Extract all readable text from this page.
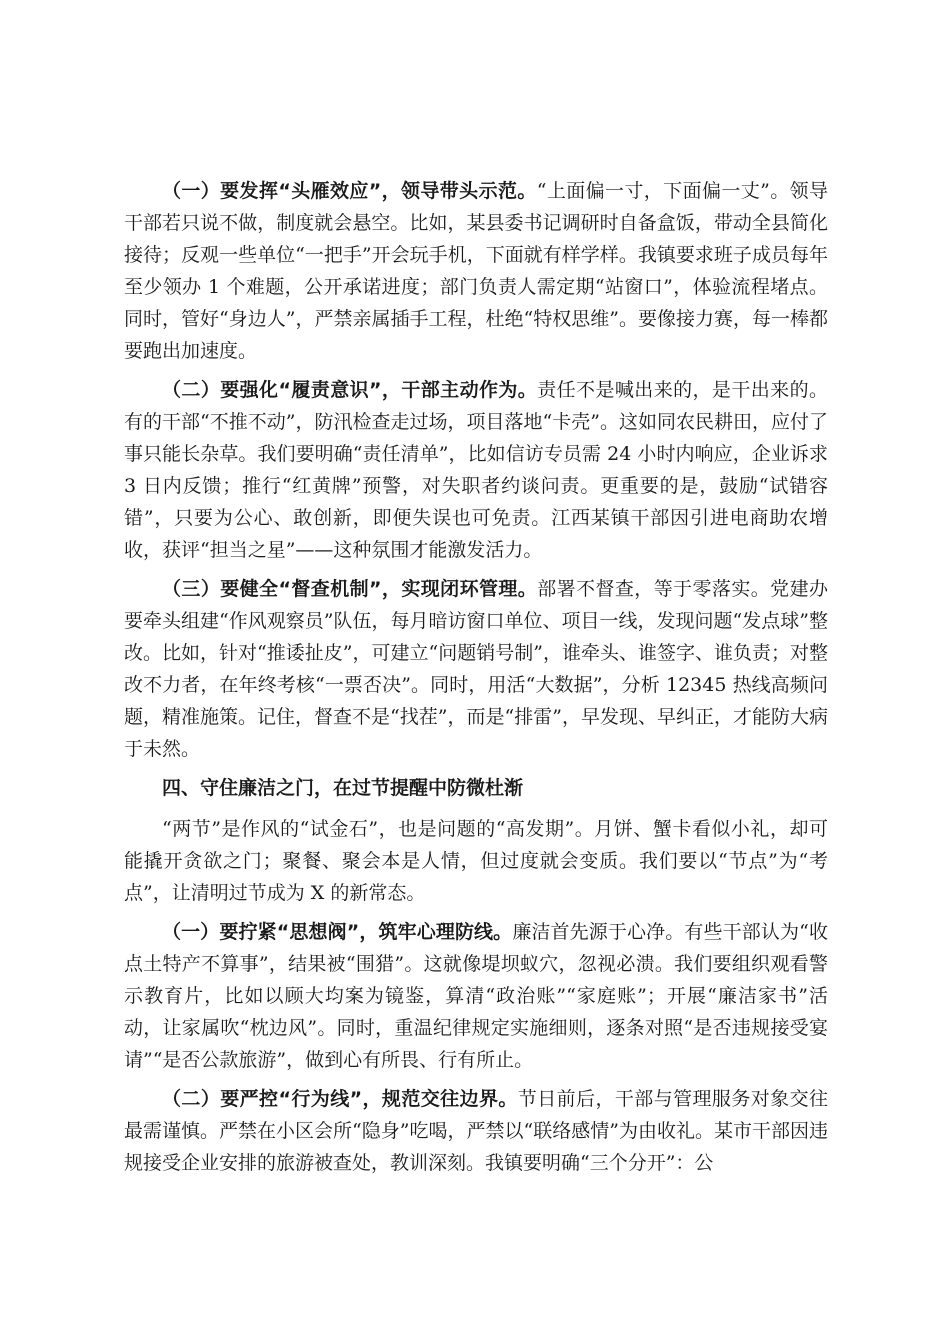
（一）要发挥“头雁效应”，领导带头示范。“上面偏一寸，下面偏一丈”。领导干部若只说不做，制度就会悬空。比如，某县委书记调研时自备盒饭，带动全县简化接待；反观一些单位“一把手”开会玩手机，下面就有样学样。我镇要求班子成员每年至少领办 1 个难题，公开承诺进度；部门负责人需定期“站窗口”，体验流程堵点。同时，管好“身边人”，严禁亲属插手工程，杜绝“特权思维”。要像接力赛，每一棒都要跑出加速度。

（二）要强化“履责意识”，干部主动作为。责任不是喊出来的，是干出来的。有的干部“不推不动”，防汛检查走过场，项目落地“卡壳”。这如同农民耕田，应付了事只能长杂草。我们要明确“责任清单”，比如信访专员需 24 小时内响应，企业诉求 3 日内反馈；推行“红黄牌”预警，对失职者约谈问责。更重要的是，鼓励“试错容错”，只要为公心、敢创新，即便失误也可免责。江西某镇干部因引进电商助农增收，获评“担当之星”——这种氛围才能激发活力。

（三）要健全“督查机制”，实现闭环管理。部署不督查，等于零落实。党建办要牵头组建“作风观察员”队伍，每月暗访窗口单位、项目一线，发现问题“发点球”整改。比如，针对“推诿扯皮”，可建立“问题销号制”，谁牵头、谁签字、谁负责；对整改不力者，在年终考核“一票否决”。同时，用活“大数据”，分析 12345 热线高频问题，精准施策。记住，督查不是“找茬”，而是“排雷”，早发现、早纠正，才能防大病于未然。

四、守住廉洁之门，在过节提醒中防微杜渐

“两节”是作风的“试金石”，也是问题的“高发期”。月饼、蟹卡看似小礼，却可能撬开贪欲之门；聚餐、聚会本是人情，但过度就会变质。我们要以“节点”为“考点”，让清明过节成为 X 的新常态。

（一）要拧紧“思想阀”，筑牢心理防线。廉洁首先源于心净。有些干部认为“收点土特产不算事”，结果被“围猎”。这就像堤坝蚁穴，忽视必溃。我们要组织观看警示教育片，比如以顾大均案为镜鉴，算清“政治账”“家庭账”；开展“廉洁家书”活动，让家属吹“枕边风”。同时，重温纪律规定实施细则，逐条对照“是否违规接受宴请”“是否公款旅游”，做到心有所畏、行有所止。

（二）要严控“行为线”，规范交往边界。节日前后，干部与管理服务对象交往最需谨慎。严禁在小区会所“隐身”吃喝，严禁以“联络感情”为由收礼。某市干部因违规接受企业安排的旅游被查处，教训深刻。我镇要明确“三个分开”：公
